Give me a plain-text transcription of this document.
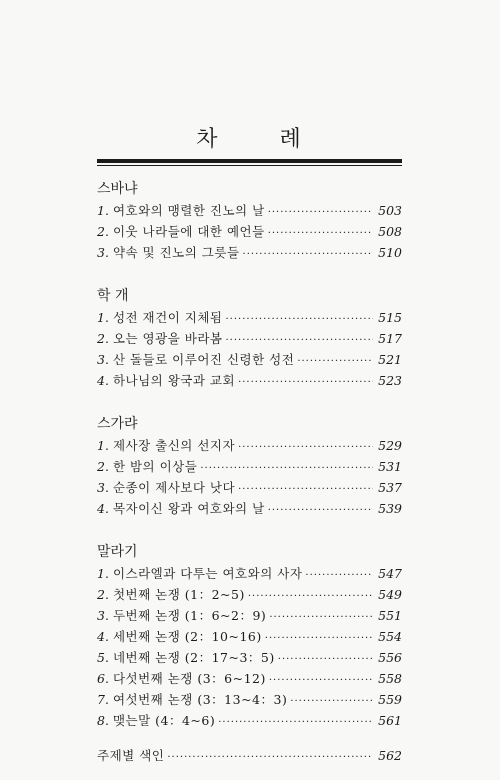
차	례
스바냐
1. 여호와의 맹렬한 진노의 날 ·····	503
2. 이웃 나라들에 대한 예언들 ·····	508
3. 약속 및 진노의 그릇들 ·····	510
학 개
1. 성전 재건이 지체됨 ·····	515
2. 오는 영광을 바라봄 ·····	517
3. 산 돌들로 이루어진 신령한 성전 ·····	521
4. 하나님의 왕국과 교회 ·····	523
스가랴
1. 제사장 출신의 선지자 ·····	529
2. 한 밤의 이상들 ·····	531
3. 순종이 제사보다 낫다 ·····	537
4. 목자이신 왕과 여호와의 날 ·····	539
말라기
1. 이스라엘과 다투는 여호와의 사자 ·····	547
2. 첫번째 논쟁 (1：2~5) ·····	549
3. 두번째 논쟁 (1：6~2：9) ·····	551
4. 세번째 논쟁 (2：10~16) ·····	554
5. 네번째 논쟁 (2：17~3：5) ·····	556
6. 다섯번째 논쟁 (3：6~12) ·····	558
7. 여섯번째 논쟁 (3：13~4：3) ·····	559
8. 맺는말 (4：4~6) ·····	561
주제별 색인 ·····	562
